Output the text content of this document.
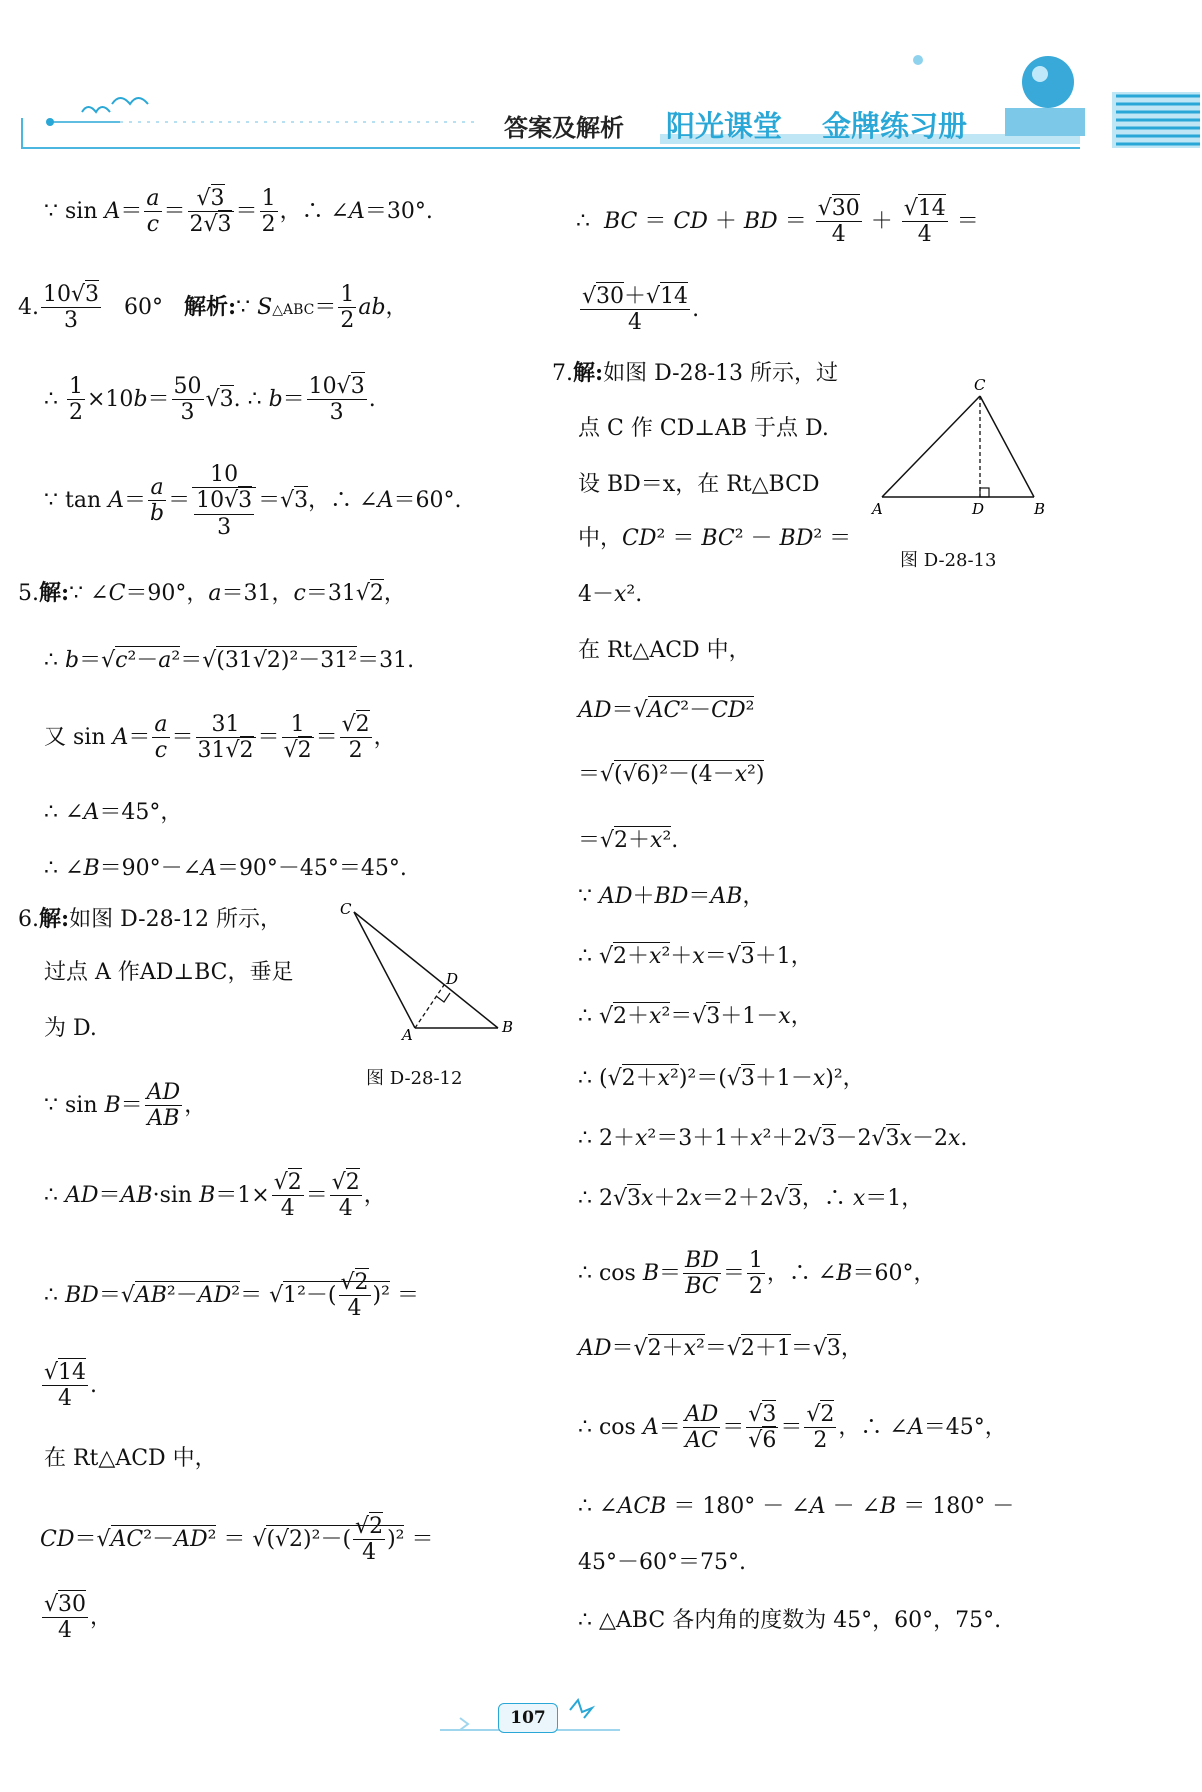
答案及解析 阳光课堂 金牌练习册
∵ $\sin A= \frac{a}{c} = \frac{√3}{2√3} = \frac{1}{2}$ ，∴ ∠A＝30°.
4. $\frac{10√3}{3} 60^\circ$ 解析:∵ S△ABC＝ $\frac{1}{2}$ ab，
∴ $\frac{1}{2} \times 10b= \frac{50}{3} √3$. ∴ $b= \frac{10√3}{3}$ .
∵ $\tan A= \frac{a}{b} = \frac{10}{\frac{10√3}{3}} =√3$，∴ ∠A＝60°.
5.解:∵ ∠C＝90°，a＝31，c＝31√2，
∴ b＝√c²－a²＝√(31√2)²－31²＝31.
又 $\sin A= \frac{a}{c} = \frac{31}{31√2} = \frac{1}{√2} = \frac{√2}{2}$ ，
∴ ∠A＝45°，
∴ ∠B＝90°－∠A＝90°－45°＝45°.
6.解:如图 D-28-12 所示，
过点 A 作AD⊥BC，垂足
为 D.
C
D
A	B
图 D-28-12
∵ $\sin B= \frac{AD}{AB}$ ，
∴ AD＝AB·sin $B=1\times \frac{√2}{4} = \frac{√2}{4}$ ，
∴ $BD=√AB^2-AD^2= √1^2-( \frac{√2}{4} )^2$ ＝
$\frac{√14}{4}$ .
在 Rt△ACD 中，
$CD=√AC^2-AD^2 = √(√2)^2-( \frac{√2}{4} )^2$ ＝
$\frac{√30}{4}$ ，
∴  BC ＝ CD ＋ BD ＝ $\frac{√30}{4} + \frac{√14}{4}$ ＝
$\frac{√30+√14}{4}$ .
7.解:如图 D-28-13 所示，过
点 C 作 CD⊥AB 于点 D.
设 BD＝x，在 Rt△BCD
中，CD² ＝ BC² － BD² ＝
4－x².
C
A	D	B
图 D-28-13
在 Rt△ACD 中，
AD＝√AC²－CD²
＝√(√6)²－(4－x²)
＝√2＋x².
∵ AD＋BD＝AB，
∴ √2＋x²＋x＝√3＋1，
∴ √2＋x²＝√3＋1－x，
∴ (√2＋x²)²＝(√3＋1－x)²，
∴ 2＋x²＝3＋1＋x²＋2√3－2√3x－2x.
∴ 2√3x＋2x＝2＋2√3，∴ x＝1，
∴ $\cos B= \frac{BD}{BC} = \frac{1}{2}$ ，∴ ∠B＝60°，
AD＝√2＋x²＝√2＋1＝√3，
∴ $\cos A= \frac{AD}{AC} = \frac{√3}{√6} = \frac{√2}{2}$ ，∴ ∠A＝45°，
∴ ∠ACB ＝ 180° － ∠A － ∠B ＝ 180° －
45°－60°＝75°.
∴ △ABC 各内角的度数为 45°，60°，75°.
107
